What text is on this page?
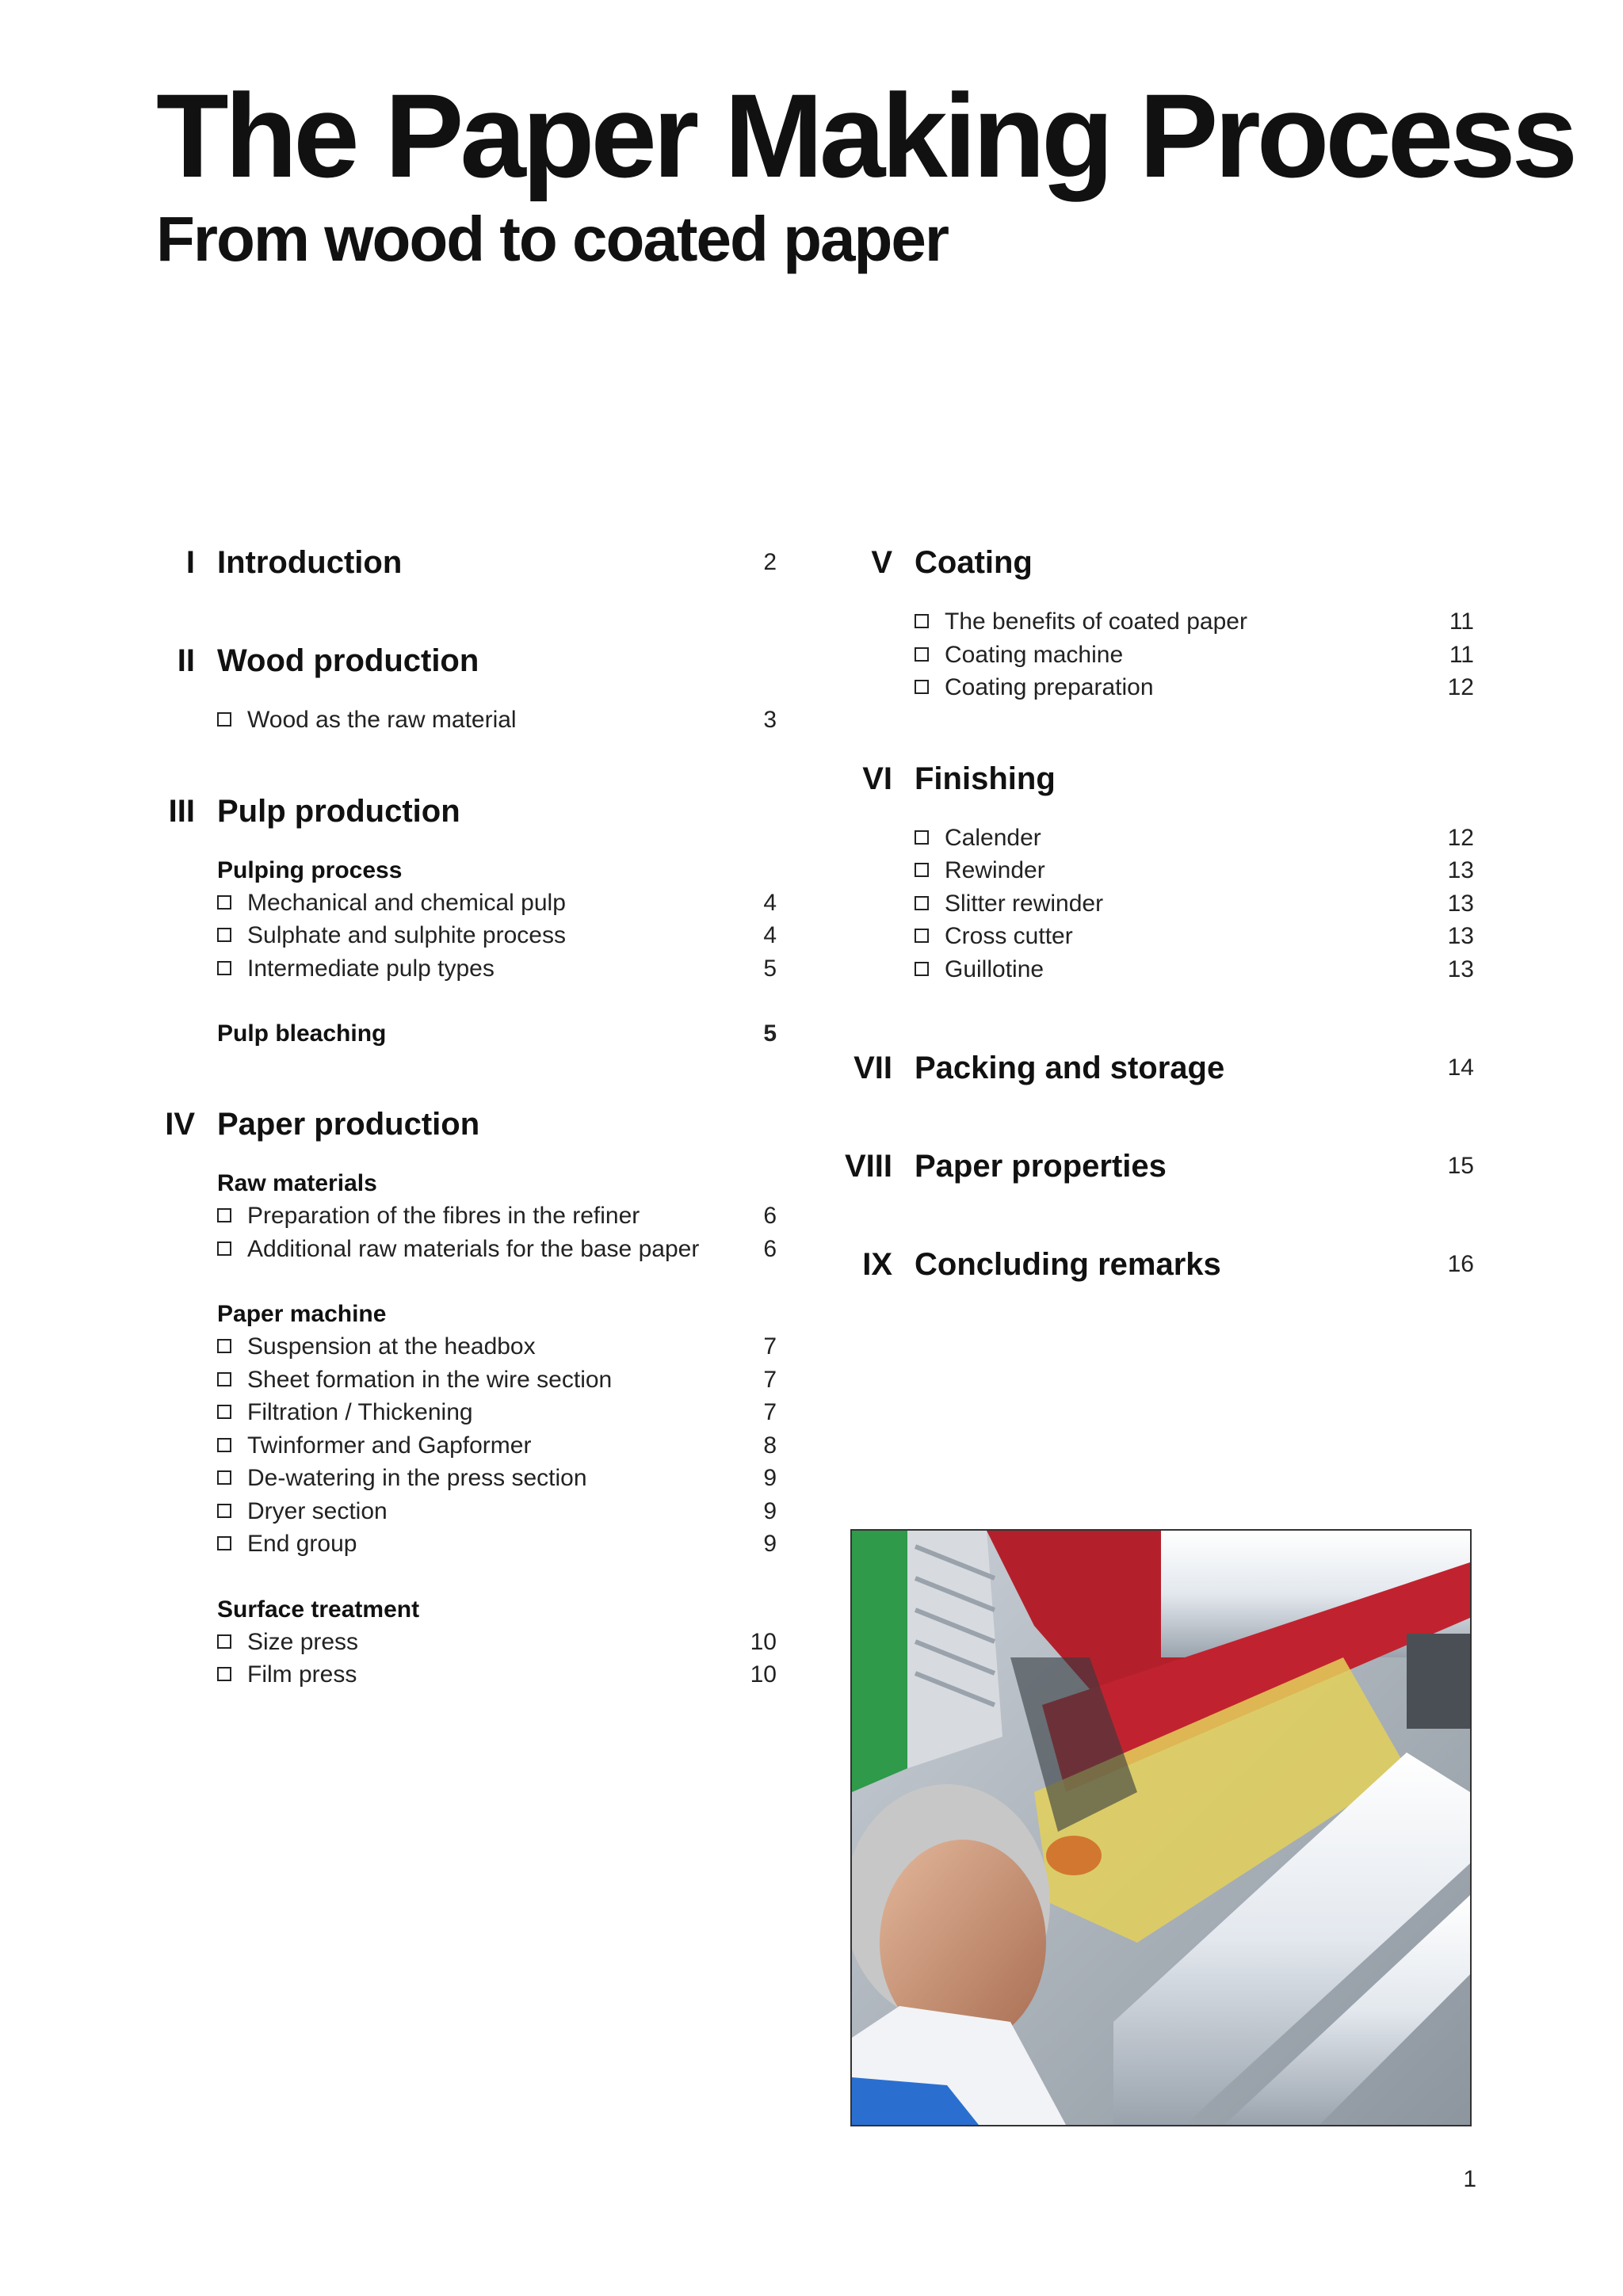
The Paper Making Process
From wood to coated paper
I Introduction	2
II Wood production
Wood as the raw material	3
III Pulp production
Pulping process
Mechanical and chemical pulp	4
Sulphate and sulphite process	4
Intermediate pulp types	5
Pulp bleaching	5
IV Paper production
Raw materials
Preparation of the fibres in the refiner	6
Additional raw materials for the base paper	6
Paper machine
Suspension at the headbox	7
Sheet formation in the wire section	7
Filtration / Thickening	7
Twinformer and Gapformer	8
De-watering in the press section	9
Dryer section	9
End group	9
Surface treatment
Size press	10
Film press	10
V Coating
The benefits of coated paper	11
Coating machine	11
Coating preparation	12
VI Finishing
Calender	12
Rewinder	13
Slitter rewinder	13
Cross cutter	13
Guillotine	13
VII Packing and storage	14
VIII Paper properties	15
IX Concluding remarks	16
1
